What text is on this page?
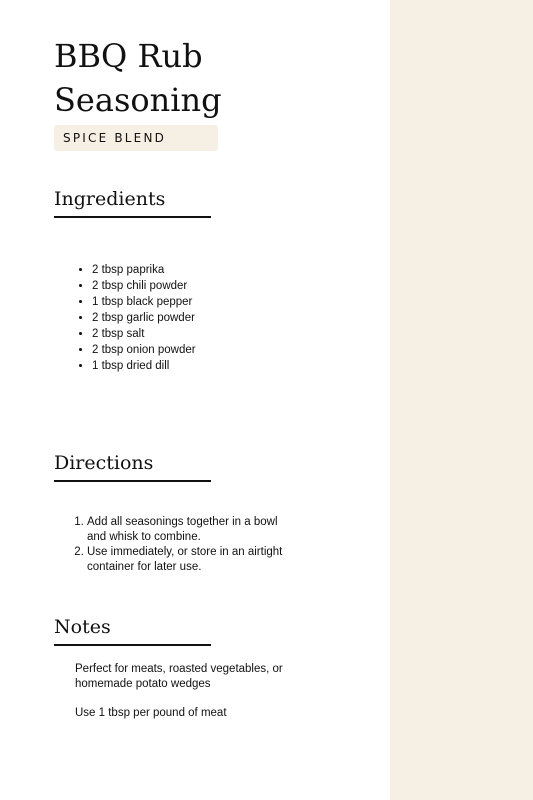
BBQ Rub Seasoning
SPICE BLEND
Ingredients
• 2 tbsp paprika
• 2 tbsp chili powder
• 1 tbsp black pepper
• 2 tbsp garlic powder
• 2 tbsp salt
• 2 tbsp onion powder
• 1 tbsp dried dill
Directions
1. Add all seasonings together in a bowl and whisk to combine.
2. Use immediately, or store in an airtight container for later use.
Notes

Perfect for meats, roasted vegetables, or homemade potato wedges

Use 1 tbsp per pound of meat
